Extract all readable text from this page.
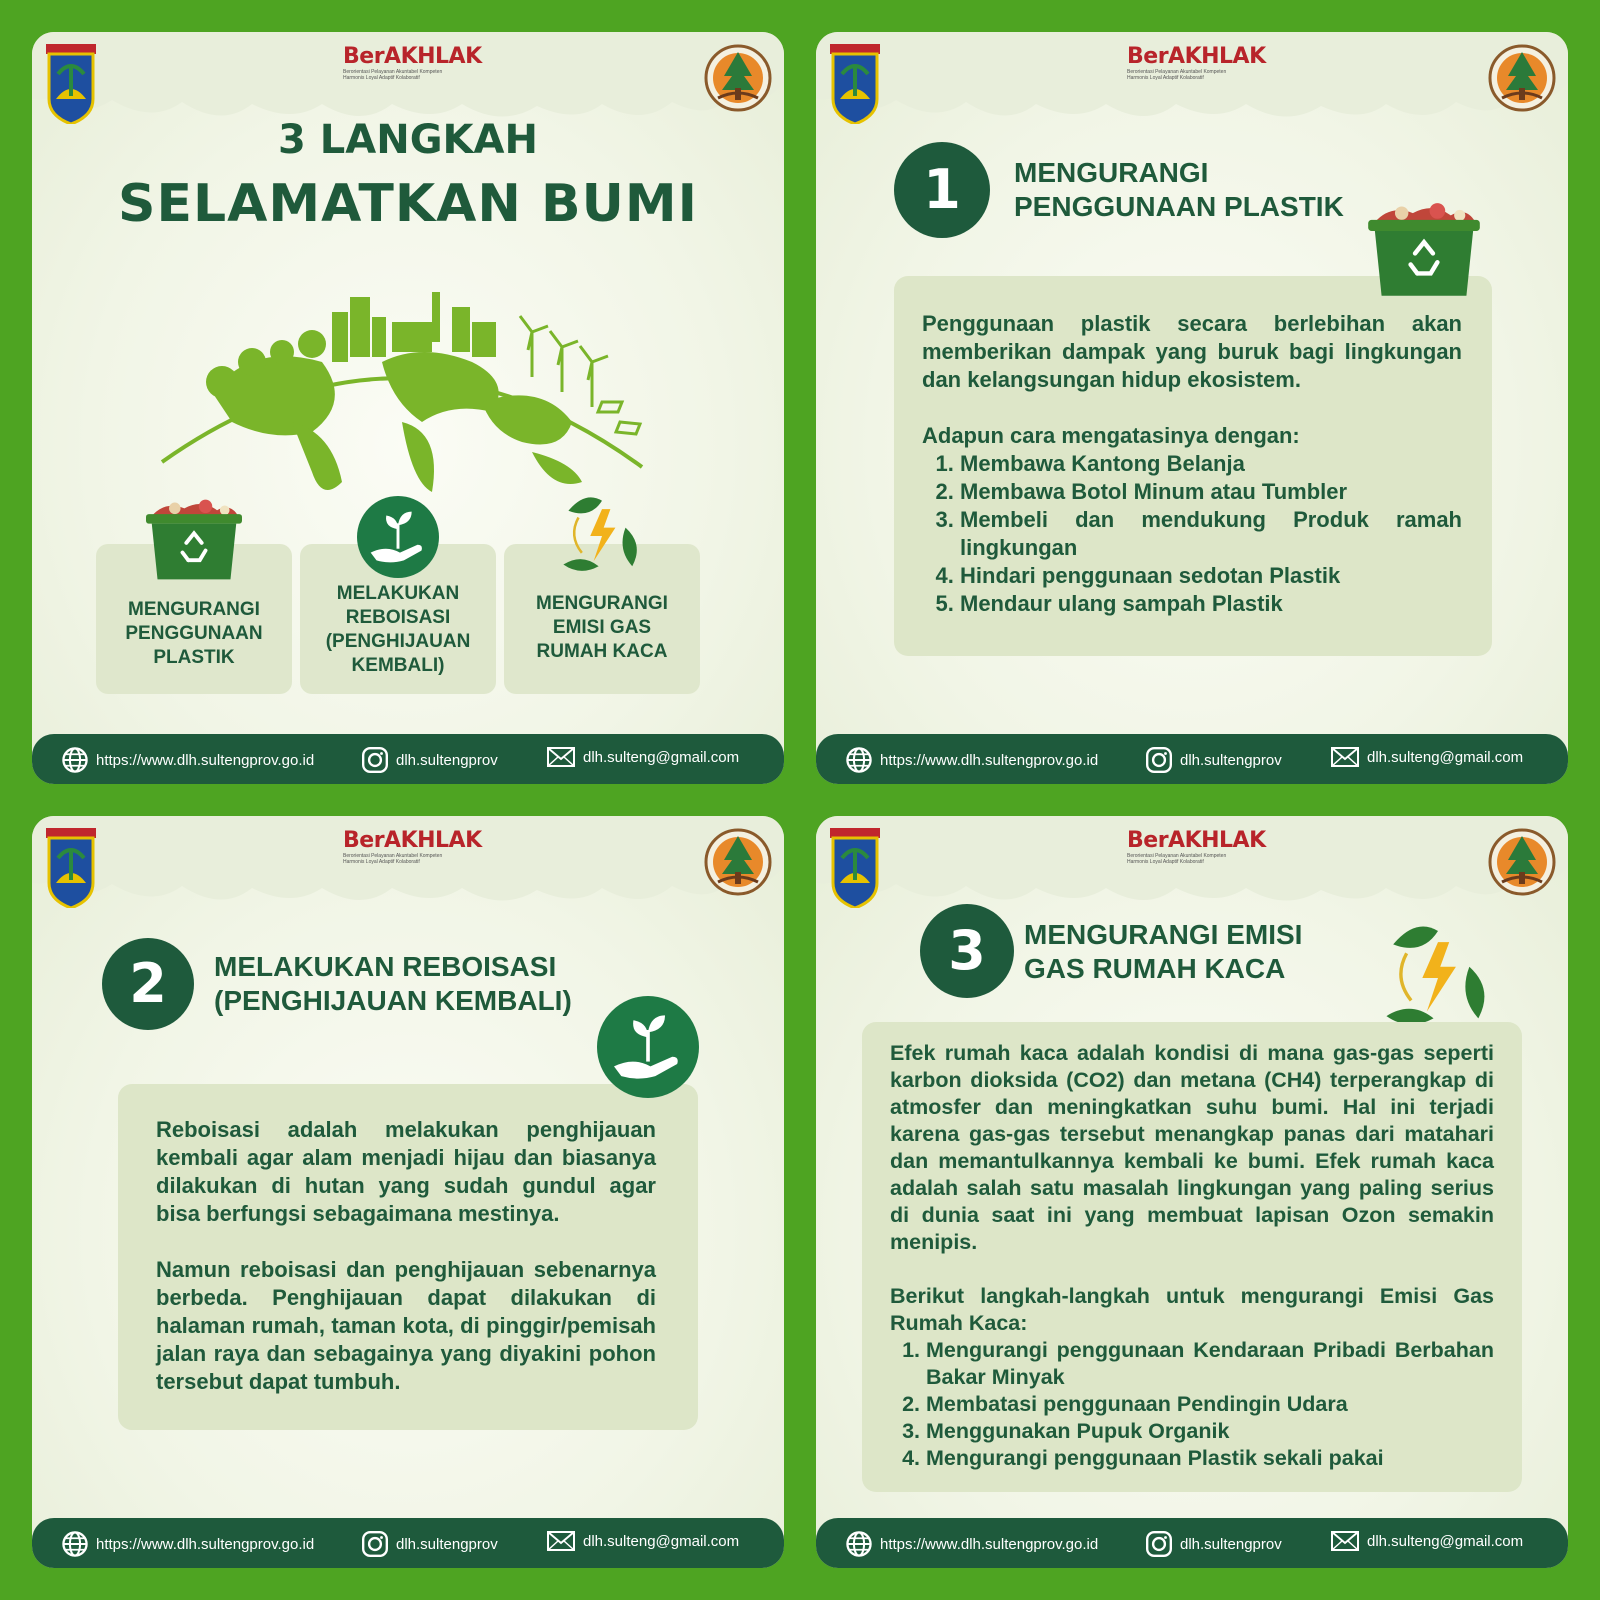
BerAKHLAK
Berorientasi Pelayanan Akuntabel Kompeten
Harmonis Loyal Adaptif Kolaboratif
3 LANGKAH
SELAMATKAN BUMI
MENGURANGI PENGGUNAAN PLASTIK
MELAKUKAN REBOISASI (PENGHIJAUAN KEMBALI)
MENGURANGI EMISI GAS RUMAH KACA
https://www.dlh.sultengprov.go.id	dlh.sultengprov	dlh.sulteng@gmail.com
BerAKHLAK
Berorientasi Pelayanan Akuntabel Kompeten
Harmonis Loyal Adaptif Kolaboratif
1	MENGURANGI PENGGUNAAN PLASTIK

Penggunaan plastik secara berlebihan akan memberikan dampak yang buruk bagi lingkungan dan kelangsungan hidup ekosistem.

Adapun cara mengatasinya dengan:
1. Membawa Kantong Belanja
2. Membawa Botol Minum atau Tumbler
3. Membeli dan mendukung Produk ramah lingkungan
4. Hindari penggunaan sedotan Plastik
5. Mendaur ulang sampah Plastik
https://www.dlh.sultengprov.go.id	dlh.sultengprov	dlh.sulteng@gmail.com
BerAKHLAK
Berorientasi Pelayanan Akuntabel Kompeten
Harmonis Loyal Adaptif Kolaboratif
2	MELAKUKAN REBOISASI (PENGHIJAUAN KEMBALI)

Reboisasi adalah melakukan penghijauan kembali agar alam menjadi hijau dan biasanya dilakukan di hutan yang sudah gundul agar bisa berfungsi sebagaimana mestinya.

Namun reboisasi dan penghijauan sebenarnya berbeda. Penghijauan dapat dilakukan di halaman rumah, taman kota, di pinggir/pemisah jalan raya dan sebagainya yang diyakini pohon tersebut dapat tumbuh.

https://www.dlh.sultengprov.go.id	dlh.sultengprov	dlh.sulteng@gmail.com
BerAKHLAK
Berorientasi Pelayanan Akuntabel Kompeten
Harmonis Loyal Adaptif Kolaboratif
3	MENGURANGI EMISI GAS RUMAH KACA

Efek rumah kaca adalah kondisi di mana gas-gas seperti karbon dioksida (CO2) dan metana (CH4) terperangkap di atmosfer dan meningkatkan suhu bumi. Hal ini terjadi karena gas-gas tersebut menangkap panas dari matahari dan memantulkannya kembali ke bumi. Efek rumah kaca adalah salah satu masalah lingkungan yang paling serius di dunia saat ini yang membuat lapisan Ozon semakin menipis.

Berikut langkah-langkah untuk mengurangi Emisi Gas Rumah Kaca:
1. Mengurangi penggunaan Kendaraan Pribadi Berbahan Bakar Minyak
2. Membatasi penggunaan Pendingin Udara
3. Menggunakan Pupuk Organik
4. Mengurangi penggunaan Plastik sekali pakai
https://www.dlh.sultengprov.go.id	dlh.sultengprov	dlh.sulteng@gmail.com
